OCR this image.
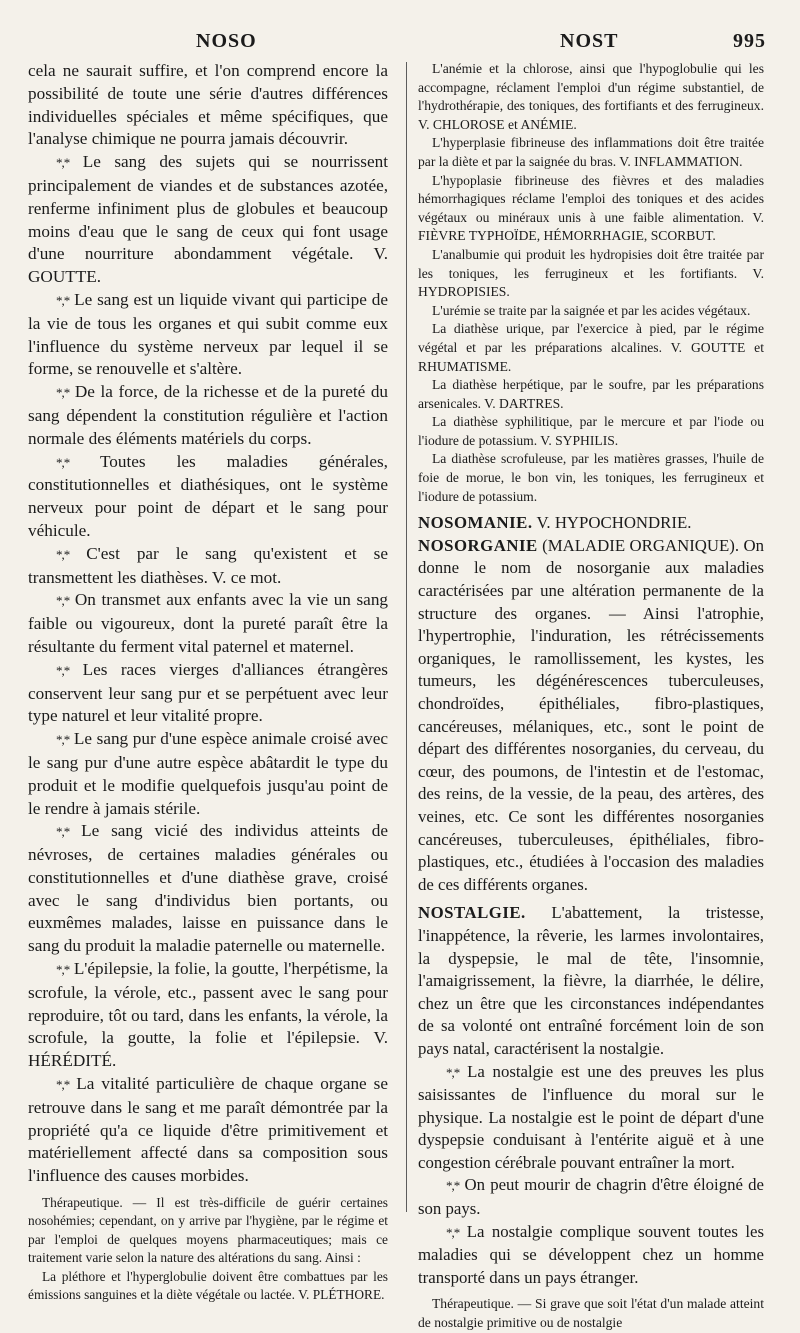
NOSO	NOST	995

cela ne saurait suffire, et l'on comprend encore la possibilité de toute une série d'autres différences individuelles spéciales et même spécifiques, que l'analyse chimique ne pourra jamais découvrir.

*,* Le sang des sujets qui se nourrissent principalement de viandes et de substances azotée, renferme infiniment plus de globules et beaucoup moins d'eau que le sang de ceux qui font usage d'une nourriture abondamment végétale. V. GOUTTE.

*,* Le sang est un liquide vivant qui participe de la vie de tous les organes et qui subit comme eux l'influence du système nerveux par lequel il se forme, se renouvelle et s'altère.

*,* De la force, de la richesse et de la pureté du sang dépendent la constitution régulière et l'action normale des éléments matériels du corps.

*,* Toutes les maladies générales, constitutionnelles et diathésiques, ont le système nerveux pour point de départ et le sang pour véhicule.

*,* C'est par le sang qu'existent et se transmettent les diathèses. V. ce mot.

*,* On transmet aux enfants avec la vie un sang faible ou vigoureux, dont la pureté paraît être la résultante du ferment vital paternel et maternel.

*,* Les races vierges d'alliances étrangères conservent leur sang pur et se perpétuent avec leur type naturel et leur vitalité propre.

*,* Le sang pur d'une espèce animale croisé avec le sang pur d'une autre espèce abâtardit le type du produit et le modifie quelquefois jusqu'au point de le rendre à jamais stérile.

*,* Le sang vicié des individus atteints de névroses, de certaines maladies générales ou constitutionnelles et d'une diathèse grave, croisé avec le sang d'individus bien portants, ou euxmêmes malades, laisse en puissance dans le sang du produit la maladie paternelle ou maternelle.

*,* L'épilepsie, la folie, la goutte, l'herpétisme, la scrofule, la vérole, etc., passent avec le sang pour reproduire, tôt ou tard, dans les enfants, la vérole, la scrofule, la goutte, la folie et l'épilepsie. V. HÉRÉDITÉ.

*,* La vitalité particulière de chaque organe se retrouve dans le sang et me paraît démontrée par la propriété qu'a ce liquide d'être primitivement et matériellement affecté dans sa composition sous l'influence des causes morbides.

Thérapeutique. — Il est très-difficile de guérir certaines nosohémies; cependant, on y arrive par l'hygiène, par le régime et par l'emploi de quelques moyens pharmaceutiques; mais ce traitement varie selon la nature des altérations du sang. Ainsi :

La pléthore et l'hyperglobulie doivent être combattues par les émissions sanguines et la diète végétale ou lactée. V. PLÉTHORE.

L'anémie et la chlorose, ainsi que l'hypoglobulie qui les accompagne, réclament l'emploi d'un régime substantiel, de l'hydrothérapie, des toniques, des fortifiants et des ferrugineux. V. CHLOROSE et ANÉMIE.

L'hyperplasie fibrineuse des inflammations doit être traitée par la diète et par la saignée du bras. V. INFLAMMATION.

L'hypoplasie fibrineuse des fièvres et des maladies hémorrhagiques réclame l'emploi des toniques et des acides végétaux ou minéraux unis à une faible alimentation. V. FIÈVRE TYPHOÏDE, HÉMORRHAGIE, SCORBUT.

L'analbumie qui produit les hydropisies doit être traitée par les toniques, les ferrugineux et les fortifiants. V. HYDROPISIES.

L'urémie se traite par la saignée et par les acides végétaux.

La diathèse urique, par l'exercice à pied, par le régime végétal et par les préparations alcalines. V. GOUTTE et RHUMATISME.

La diathèse herpétique, par le soufre, par les préparations arsenicales. V. DARTRES.

La diathèse syphilitique, par le mercure et par l'iode ou l'iodure de potassium. V. SYPHILIS.

La diathèse scrofuleuse, par les matières grasses, l'huile de foie de morue, le bon vin, les toniques, les ferrugineux et l'iodure de potassium.

NOSOMANIE. V. HYPOCHONDRIE.

NOSORGANIE (MALADIE ORGANIQUE). On donne le nom de nosorganie aux maladies caractérisées par une altération permanente de la structure des organes. — Ainsi l'atrophie, l'hypertrophie, l'induration, les rétrécissements organiques, le ramollissement, les kystes, les tumeurs, les dégénérescences tuberculeuses, chondroïdes, épithéliales, fibro-plastiques, cancéreuses, mélaniques, etc., sont le point de départ des différentes nosorganies, du cerveau, du cœur, des poumons, de l'intestin et de l'estomac, des reins, de la vessie, de la peau, des artères, des veines, etc. Ce sont les différentes nosorganies cancéreuses, tuberculeuses, épithéliales, fibro-plastiques, etc., étudiées à l'occasion des maladies de ces différents organes.

NOSTALGIE. L'abattement, la tristesse, l'inappétence, la rêverie, les larmes involontaires, la dyspepsie, le mal de tête, l'insomnie, l'amaigrissement, la fièvre, la diarrhée, le délire, chez un être que les circonstances indépendantes de sa volonté ont entraîné forcément loin de son pays natal, caractérisent la nostalgie.

*,* La nostalgie est une des preuves les plus saisissantes de l'influence du moral sur le physique. La nostalgie est le point de départ d'une dyspepsie conduisant à l'entérite aiguë et à une congestion cérébrale pouvant entraîner la mort.

*,* On peut mourir de chagrin d'être éloigné de son pays.

*,* La nostalgie complique souvent toutes les maladies qui se développent chez un homme transporté dans un pays étranger.

Thérapeutique. — Si grave que soit l'état d'un malade atteint de nostalgie primitive ou de nostalgie
